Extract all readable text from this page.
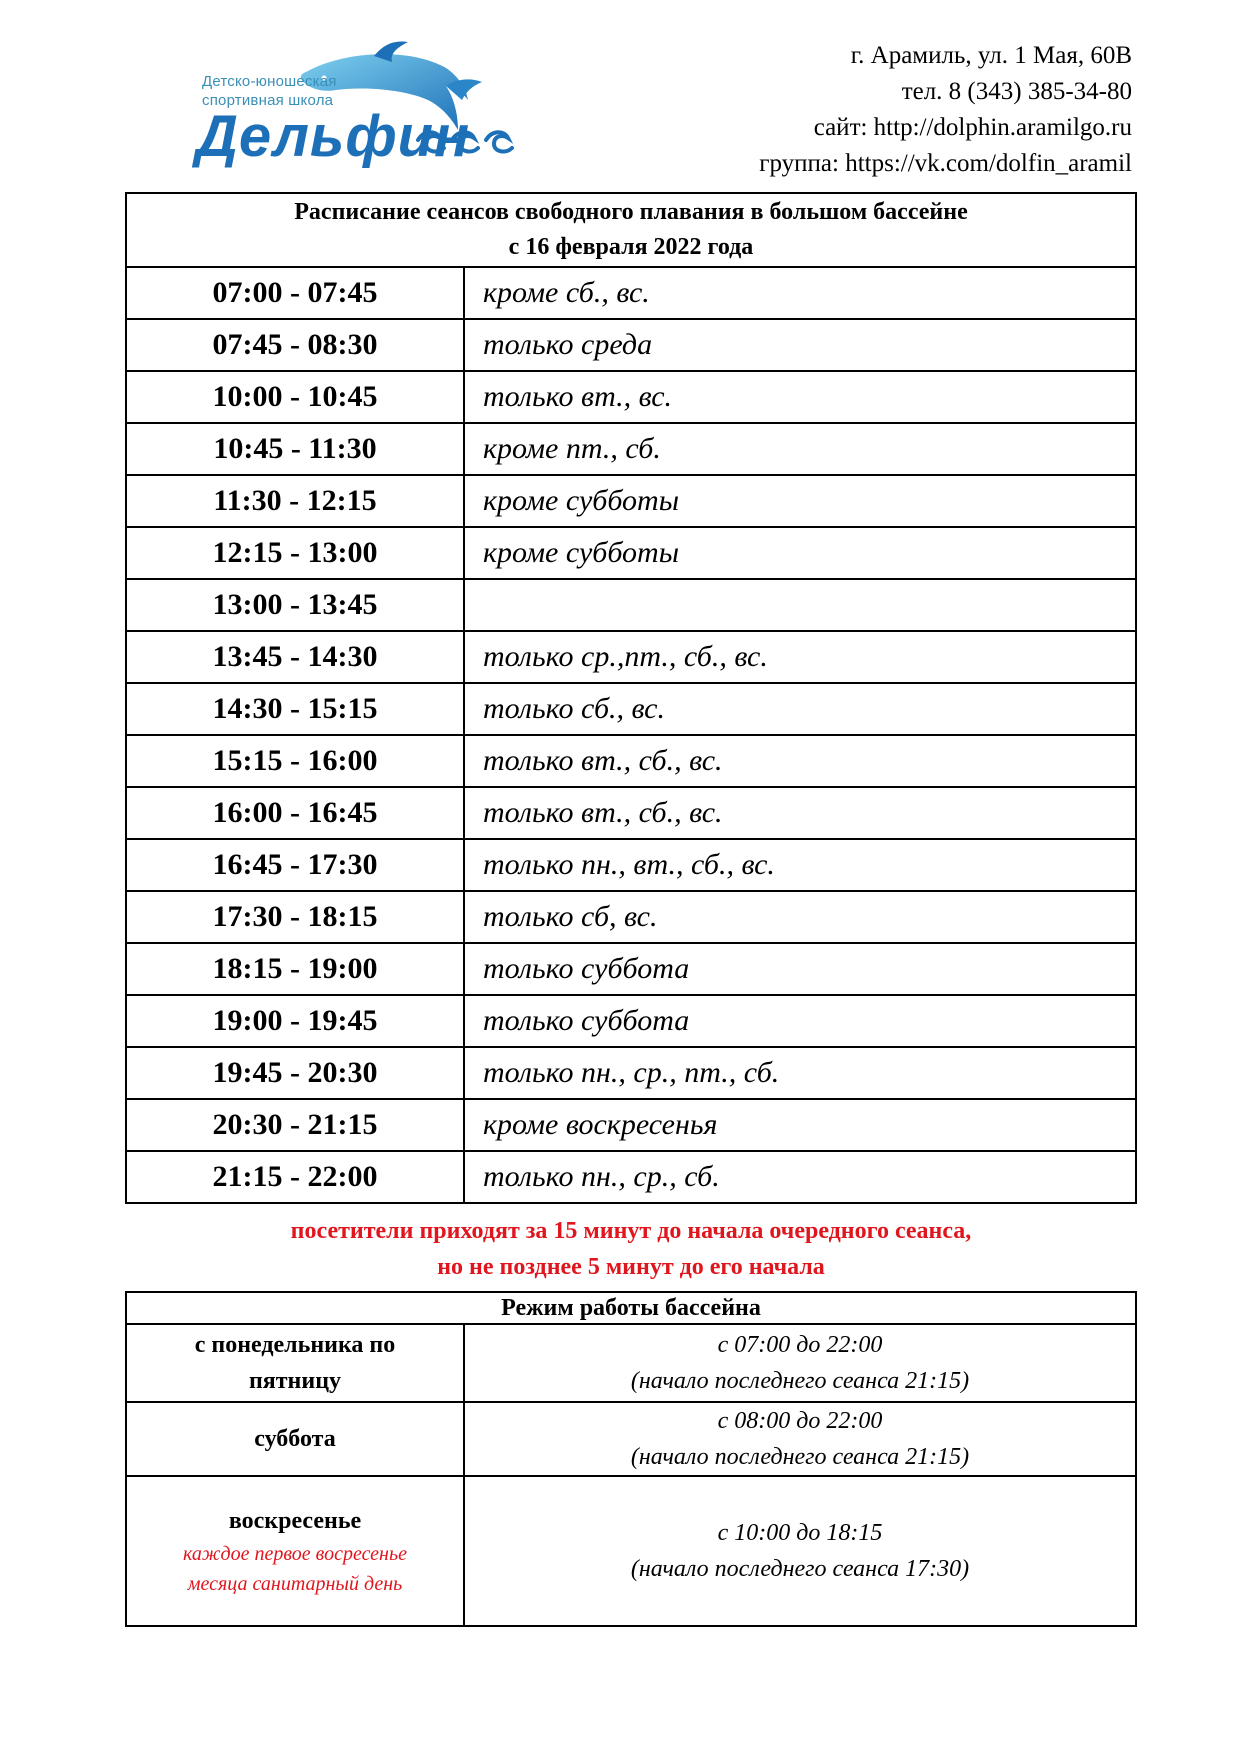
Детско-юношеская
спортивная школа
Дельфин
г. Арамиль, ул. 1 Мая, 60В
тел. 8 (343) 385-34-80
сайт: http://dolphin.aramilgo.ru
группа: https://vk.com/dolfin_aramil
Расписание сеансов свободного плавания в большом бассейне
с 16 февраля 2022 года	

07:00 - 07:45	кроме сб., вс.
07:45 - 08:30	только среда
10:00 - 10:45	только вт., вс.
10:45 - 11:30	кроме пт., сб.
11:30 - 12:15	кроме субботы
12:15 - 13:00	кроме субботы
13:00 - 13:45	
13:45 - 14:30	только ср.,пт., сб., вс.
14:30 - 15:15	только сб., вс.
15:15 - 16:00	только вт., сб., вс.
16:00 - 16:45	только вт., сб., вс.
16:45 - 17:30	только пн., вт., сб., вс.
17:30 - 18:15	только сб, вс.
18:15 - 19:00	только суббота
19:00 - 19:45	только суббота
19:45 - 20:30	только пн., ср., пт., сб.
20:30 - 21:15	кроме воскресенья
21:15 - 22:00	только пн., ср., сб.
посетители приходят за 15 минут до начала очередного сеанса,
но не позднее 5 минут до его начала
Режим работы бассейна	

с понедельника по
пятницу	с 07:00 до 22:00
(начало последнего сеанса 21:15)

суббота	с 08:00 до 22:00
(начало последнего сеанса 21:15)

воскресенье
каждое первое восресенье
месяца санитарный день	с 10:00 до 18:15
(начало последнего сеанса 17:30)
